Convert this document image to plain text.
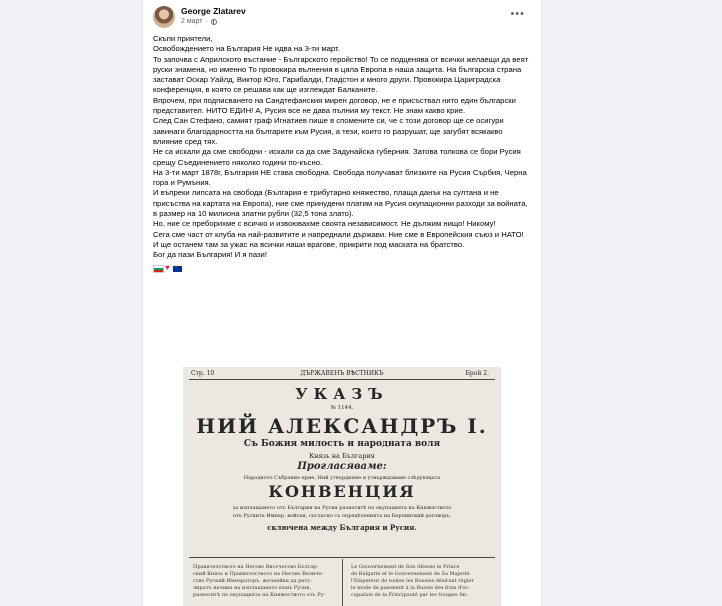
George Zlatarev
2 март ·
•••

Скъпи приятели,

Освобождението на България Не идва на 3-ти март.

То започва с Априлското въстание - Българското геройство! То се подценява от всички желаещи да веят руски знамена, но именно То провокира вълнения в цяла Европа в наша защита. На българска страна застават Оскар Уайлд, Виктор Юго, Гарибалди, Гладстон и много други. Провокира Цариградска конференция, в която се решава как ще изглеждат Балканите.

Впрочем, при подписването на Сандтефанския мирен договор, не е присъствал нито един български представител. НИТО ЕДИН! А, Русия все не дава пълния му текст. Не знам какво крие.

След Сан Стефано, самият граф Игнатиев пише в спомените си, че с този договор ще се осигури завинаги благодарността на българите към Русия, а тези, които го разрушат, ще загубят всякакво влияние сред тях.

Не са искали да сме свободни - искали са да сме Задунайска губерния. Затова толкова се бори Русия срещу Съединението няколко години по-късно.

На 3-ти март 1878г, България НЕ става свободна. Свобода получават близките на Русия Сърбия, Черна гора и Румъния.

И въпреки липсата на свобода (България е трибутарно княжество, плаща данък на султана и не присъства на картата на Европа), ние сме принудени платим на Русия окупационни разходи за войната, в размер на 10 милиона златни рубли (32,5 тона злато).

Но, ние се преборихме с всичко и извоювахме своята независимост. Не дължим нищо! Никому!

Сега сме част от клуба на най-развитите и напреднали държави. Ние сме в Европейския съюз и НАТО! И ще останем там за ужас на всички наши врагове, прикрити под маската на братство.

Бог да пази България! И я пази!

♥
•
Стр. 10	ДЪРЖАВЕНЪ ВѢСТНИКЪ	Брой 2.
УКАЗЪ
№ 1144.
НИЙ АЛЕКСАНДРЪ I.
Съ Божия милость и народната воля
Князь на България
Прогласяваме:
Народното Събрание прие, Ний утвърдихме и утвърждаваме слѣдующата
КОНВЕНЦИЯ
за изплащането отъ България на Русия разноситѣ по окупацията на Княжеството
отъ Руските Импер. войски, съгласно съ опредѣленията на Берлинский договоръ,
сключена между България и Русия.
Правителството на Негово Височество Българ-
ский Князь и Правителството на Негово Величе-
ство Руский Императоръ, желаейки да регу-
лиратъ начина на изплащането къмъ Русия,
разноситѣ по окупацията на Княжеството отъ Ру-
Le Gouvernement de Son Altesse le Prince
de Bulgarie et le Gouvernement de Sa Majesté
l'Empereur de toutes les Russies désirant régler
le mode de paiement à la Russie des frais d'oc-
cupation de la Principauté par les troupes Im-
